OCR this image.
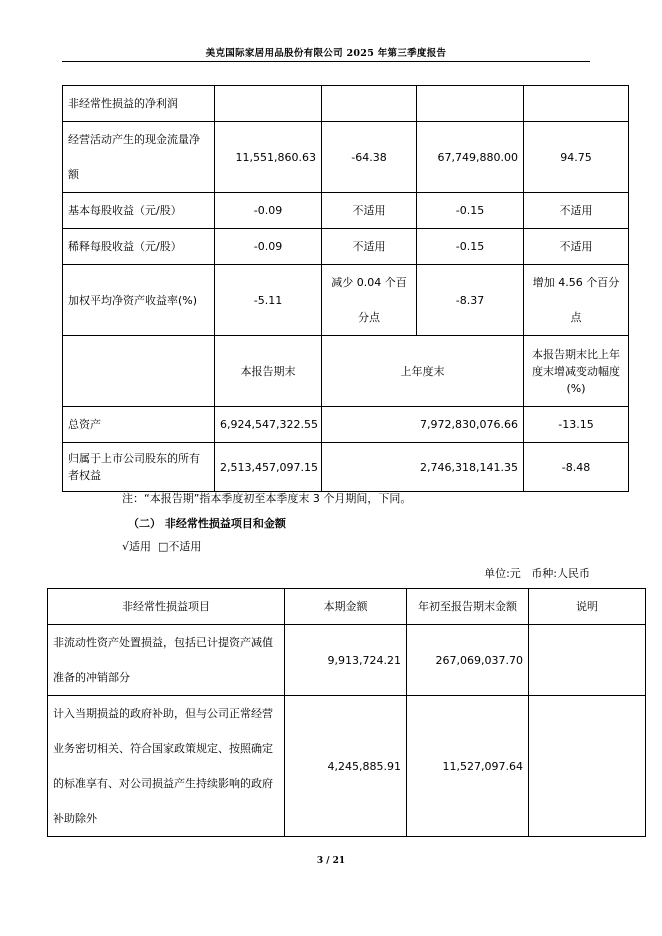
美克国际家居用品股份有限公司 2025 年第三季度报告
非经常性损益的净利润				
经营活动产生的现金流量净额	11,551,860.63	-64.38	67,749,880.00	94.75
基本每股收益（元/股）	-0.09	不适用	-0.15	不适用
稀释每股收益（元/股）	-0.09	不适用	-0.15	不适用
加权平均净资产收益率(%)	-5.11	减少 0.04 个百分点	-8.37	增加 4.56 个百分点
	本报告期末	上年度末		本报告期末比上年度末增减变动幅度(%)
总资产	6,924,547,322.55	7,972,830,076.66		-13.15
归属于上市公司股东的所有者权益	2,513,457,097.15	2,746,318,141.35		-8.48
注：“本报告期”指本季度初至本季度末 3 个月期间，下同。
（二） 非经常性损益项目和金额
√适用 □不适用
单位:元   币种:人民币
非经常性损益项目	本期金额	年初至报告期末金额	说明
非流动性资产处置损益，包括已计提资产减值准备的冲销部分	9,913,724.21	267,069,037.70	
计入当期损益的政府补助，但与公司正常经营业务密切相关、符合国家政策规定、按照确定的标准享有、对公司损益产生持续影响的政府补助除外	4,245,885.91	11,527,097.64	
3 / 21
